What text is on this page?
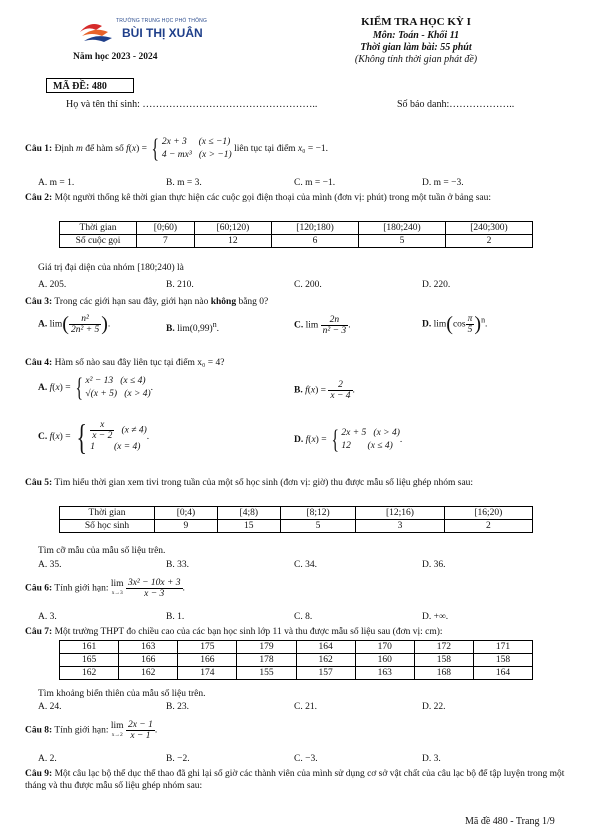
TRƯỜNG TRUNG HỌC PHỔ THÔNG
BÙI THỊ XUÂN
Năm học 2023 - 2024
KIỂM TRA HỌC KỲ I
Môn: Toán - Khối 11
Thời gian làm bài: 55 phút
(Không tính thời gian phát đề)
MÃ ĐỀ: 480
Họ và tên thí sinh: ……………………………………………..	Số báo danh:………………..
Câu 1: Định m để hàm số f(x) = { 2x + 3     (x ≤ −1)
4 − mx³   (x > −1)
liên tục tại điểm x₀ = −1.
A. m = 1.	B. m = 3.	C. m = −1.	D. m = −3.
Câu 2: Một người thống kê thời gian thực hiện các cuộc gọi điện thoại của mình (đơn vị: phút) trong một tuần ở bảng sau:
Thời gian	[0;60)	[60;120)	[120;180)	[180;240)	[240;300)
Số cuộc gọi	7	12	6	5	2
Giá trị đại diện của nhóm [180;240) là
A. 205.	B. 210.	C. 200.	D. 220.
Câu 3: Trong các giới hạn sau đây, giới hạn nào không bằng 0?
A. $\lim( \frac{\text{n²}}{\text{2n² + 5}}$ ).	B. $\lim(0,99)^n$.	C. $\lim \frac{2n}{\text{n² − 3}}$ .	D. $\lim(\cos \frac{\pi}{5} )^n$.
Câu 4: Hàm số nào sau đây liên tục tại điểm x₀ = 4?
A. f(x) = { x² − 13   (x ≤ 4)
√(x + 5)   (x > 4)
.	B. $f(x) = \frac{2}{x - 4}$ .
C. f(x) = { $\frac{x}{x - 2} (x \ne 4)$
1        (x = 4)
.	D. f(x) = { 2x + 5   (x > 4)
12       (x ≤ 4)
.
Câu 5: Tìm hiểu thời gian xem tivi trong tuần của một số học sinh (đơn vị: giờ) thu được mẫu số liệu ghép nhóm sau:
Thời gian	[0;4)	[4;8)	[8;12)	[12;16)	[16;20)
Số học sinh	9	15	5	3	2
Tìm cỡ mẫu của mẫu số liệu trên.
A. 35.	B. 33.	C. 34.	D. 36.
Câu 6: Tính giới hạn: lim
x→3
$\frac{\text{3x² − 10x + 3}}{x - 3}$ .
A. 3.	B. 1.	C. 8.	D. +∞.
Câu 7: Một trường THPT đo chiều cao của các bạn học sinh lớp 11 và thu được mẫu số liệu sau (đơn vị: cm):
161	163	175	179	164	170	172	171
165	166	166	178	162	160	158	158
162	162	174	155	157	163	168	164
Tìm khoảng biến thiên của mẫu số liệu trên.
A. 24.	B. 23.	C. 21.	D. 22.
Câu 8: Tính giới hạn: lim
x→2
$\frac{2x - 1}{x - 1}$ .
A. 2.	B. −2.	C. −3.	D. 3.
Câu 9: Một câu lạc bộ thể dục thể thao đã ghi lại số giờ các thành viên của mình sử dụng cơ sở vật chất của câu lạc bộ để tập luyện trong một tháng và thu được mẫu số liệu ghép nhóm sau:
Mã đề 480 - Trang 1/9
